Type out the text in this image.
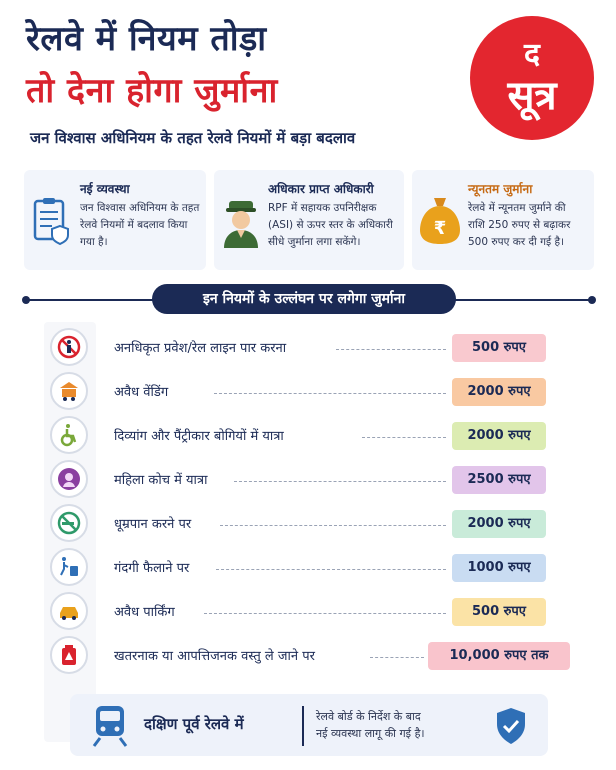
रेलवे में नियम तोड़ा
तो देना होगा जुर्माना
जन विश्वास अधिनियम के तहत रेलवे नियमों में बड़ा बदलाव
द
सूत्र
नई व्यवस्था
जन विश्वास अधिनियम के तहत
रेलवे नियमों में बदलाव किया
गया है।
अधिकार प्राप्त अधिकारी
RPF में सहायक उपनिरीक्षक
(ASI) से ऊपर स्तर के अधिकारी
सीधे जुर्माना लगा सकेंगे।
₹
न्यूनतम जुर्माना
रेलवे में न्यूनतम जुर्माने की
राशि 250 रुपए से बढ़ाकर
500 रुपए कर दी गई है।
इन नियमों के उल्लंघन पर लगेगा जुर्माना
अनधिकृत प्रवेश/रेल लाइन पार करना	500 रुपए
अवैध वेंडिंग	2000 रुपए
दिव्यांग और पैंट्रीकार बोगियों में यात्रा	2000 रुपए
महिला कोच में यात्रा	2500 रुपए
धूम्रपान करने पर	2000 रुपए
गंदगी फैलाने पर	1000 रुपए
अवैध पार्किंग	500 रुपए
खतरनाक या आपत्तिजनक वस्तु ले जाने पर	10,000 रुपए तक
दक्षिण पूर्व रेलवे में	रेलवे बोर्ड के निर्देश के बाद
नई व्यवस्था लागू की गई है।
